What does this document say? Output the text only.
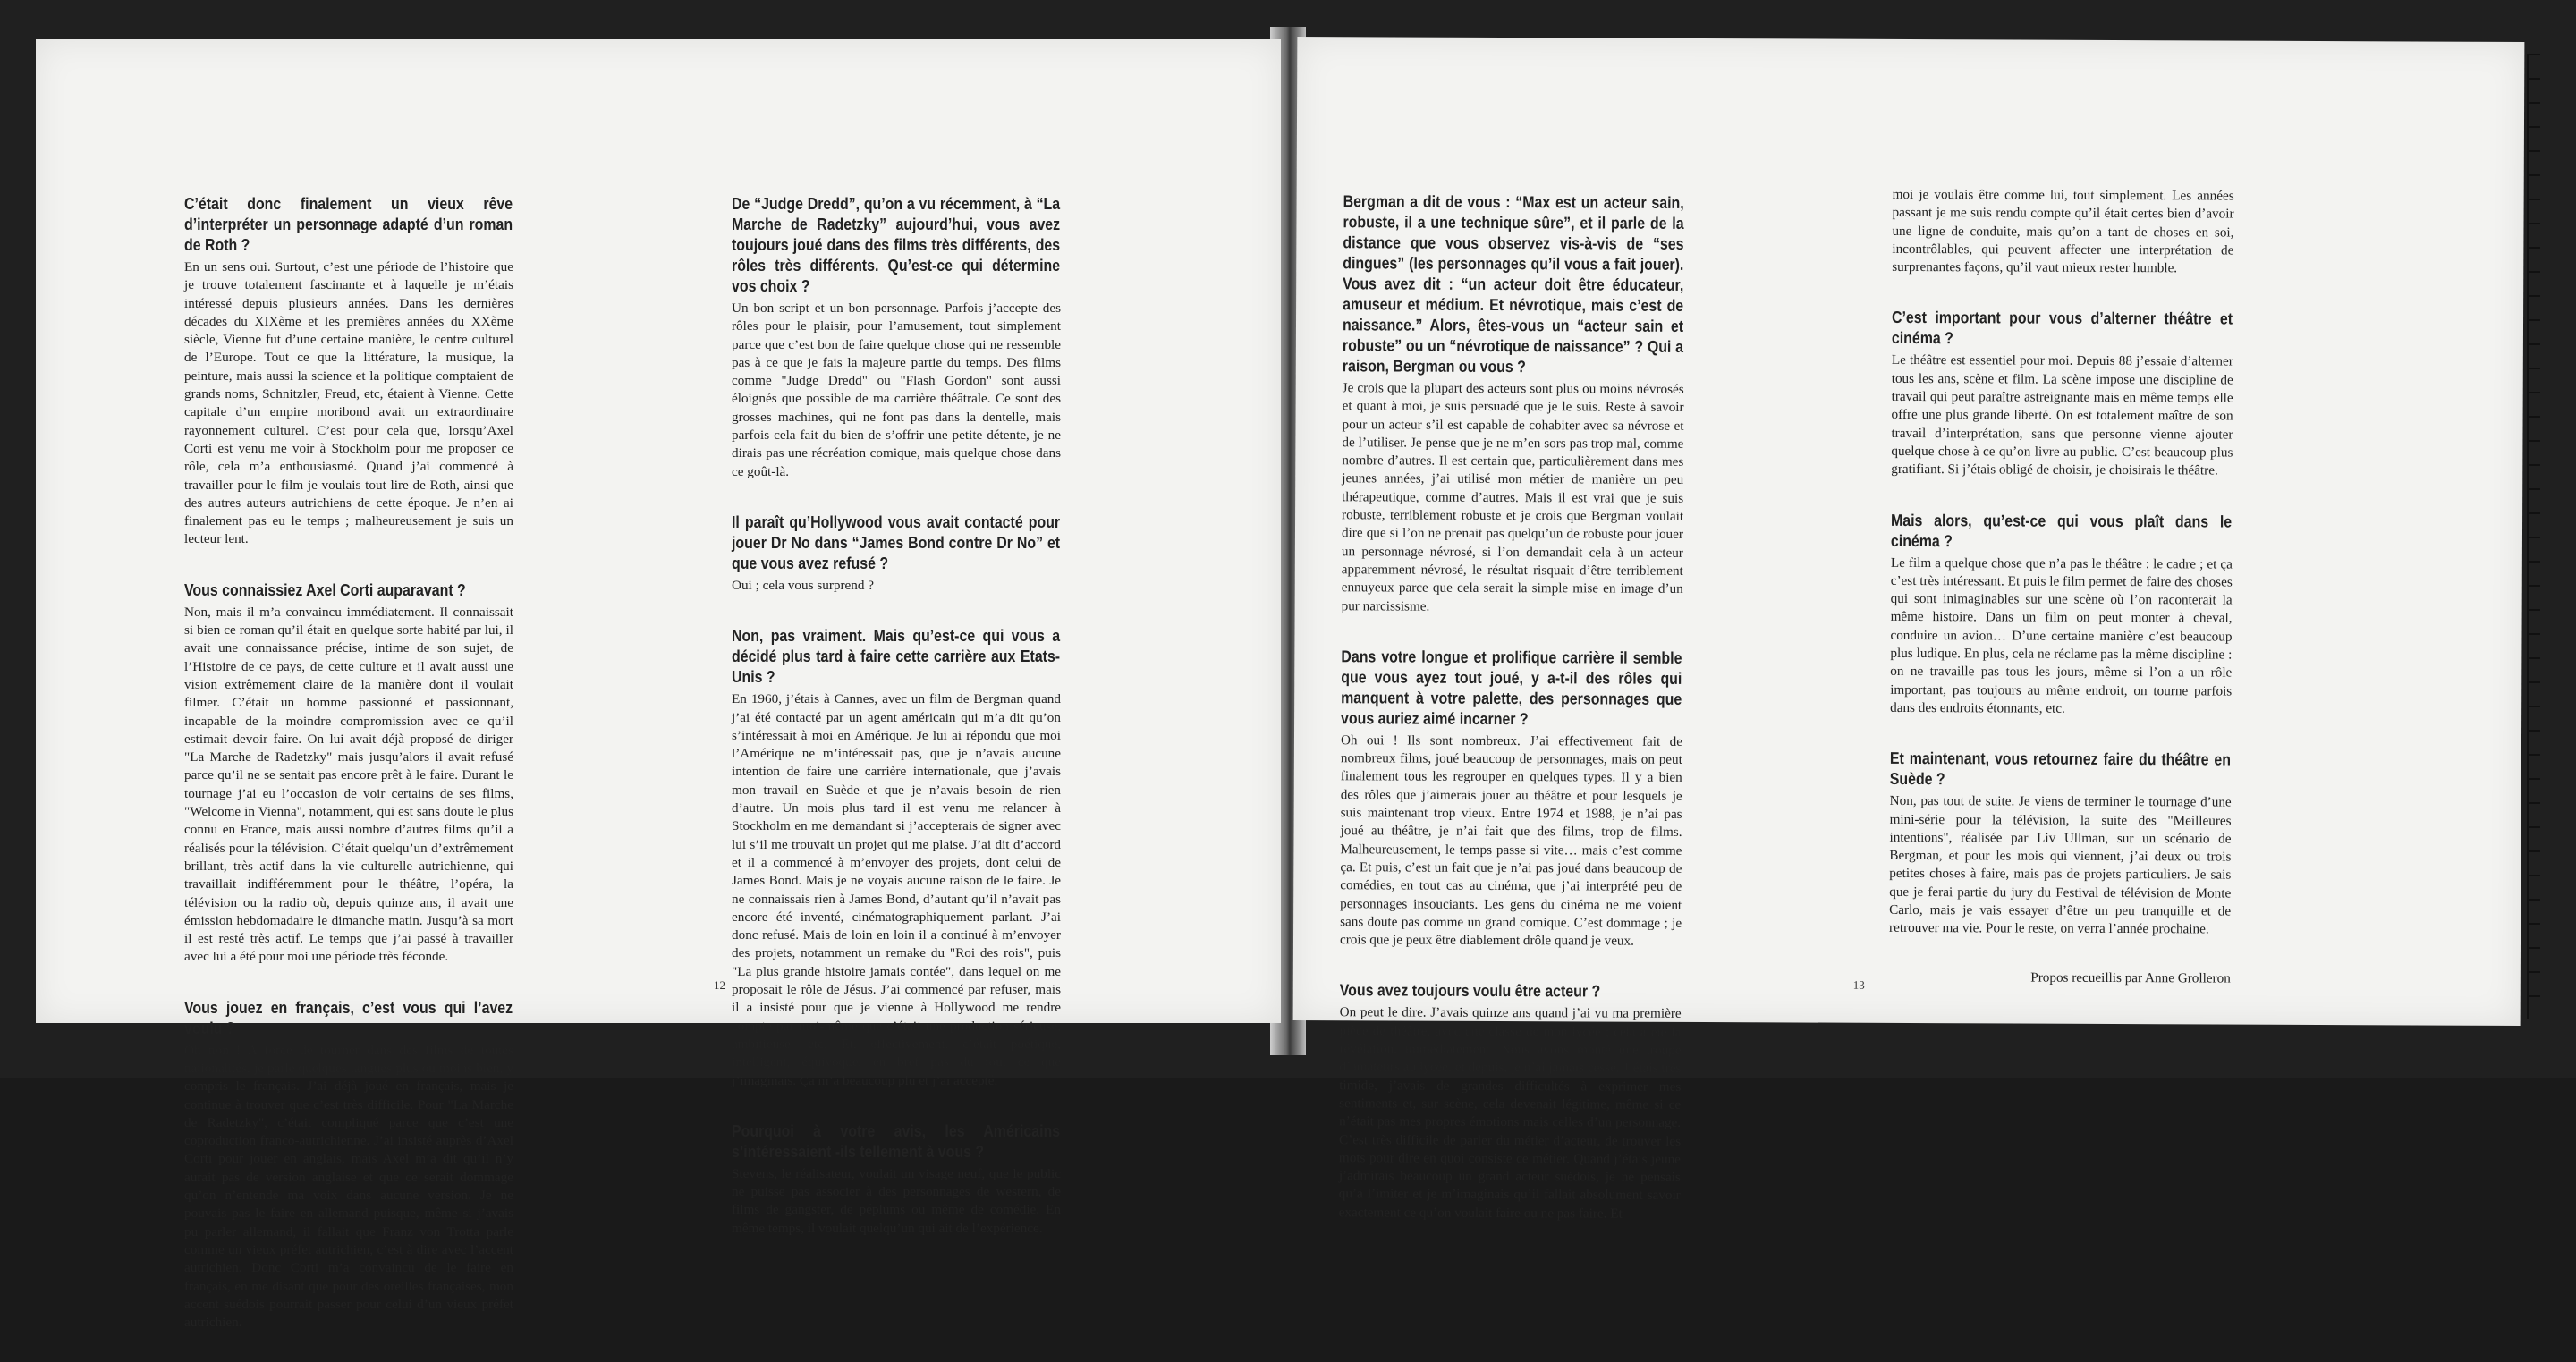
C’était donc finalement un vieux rêve d’interpréter un personnage adapté d’un roman de Roth ?

En un sens oui. Surtout, c’est une période de l’histoire que je trouve totalement fascinante et à laquelle je m’étais intéressé depuis plusieurs années. Dans les dernières décades du XIXème et les premières années du XXème siècle, Vienne fut d’une certaine manière, le centre culturel de l’Europe. Tout ce que la littérature, la musique, la peinture, mais aussi la science et la politique comptaient de grands noms, Schnitzler, Freud, etc, étaient à Vienne. Cette capitale d’un empire moribond avait un extraordinaire rayonnement culturel. C’est pour cela que, lorsqu’Axel Corti est venu me voir à Stockholm pour me proposer ce rôle, cela m’a enthousiasmé. Quand j’ai commencé à travailler pour le film je voulais tout lire de Roth, ainsi que des autres auteurs autrichiens de cette époque. Je n’en ai finalement pas eu le temps ; malheureusement je suis un lecteur lent.

Vous connaissiez Axel Corti auparavant ?

Non, mais il m’a convaincu immédiatement. Il connaissait si bien ce roman qu’il était en quelque sorte habité par lui, il avait une connaissance précise, intime de son sujet, de l’Histoire de ce pays, de cette culture et il avait aussi une vision extrêmement claire de la manière dont il voulait filmer. C’était un homme passionné et passionnant, incapable de la moindre compromission avec ce qu’il estimait devoir faire. On lui avait déjà proposé de diriger "La Marche de Radetzky" mais jusqu’alors il avait refusé parce qu’il ne se sentait pas encore prêt à le faire. Durant le tournage j’ai eu l’occasion de voir certains de ses films, "Welcome in Vienna", notamment, qui est sans doute le plus connu en France, mais aussi nombre d’autres films qu’il a réalisés pour la télévision. C’était quelqu’un d’extrêmement brillant, très actif dans la vie culturelle autrichienne, qui travaillait indifféremment pour le théâtre, l’opéra, la télévision ou la radio où, depuis quinze ans, il avait une émission hebdomadaire le dimanche matin. Jusqu’à sa mort il est resté très actif. Le temps que j’ai passé à travailler avec lui a été pour moi une période très féconde.

Vous jouez en français, c’est vous qui l’avez voulu ?

Oh non ! A force de tourner dans des films de toutes nationalités, je parle quelques langues plus ou moins bien, y compris le français. J’ai déjà joué en français, mais je continue à trouver que c’est très difficile. Pour "La Marche de Radetzky", c’était compliqué parce que c’est une coproduction franco-autrichienne. J’ai insisté auprès d’Axel Corti pour jouer en anglais, mais Axel m’a dit qu’il n’y aurait pas de version anglaise et que ce serait dommage qu’on n’entende ma voix dans aucune version. Je ne pouvais pas le faire en allemand puisque, même si j’avais pu parler allemand, il fallait que Franz von Trotta parle comme un vieux préfet autrichien, c’est à dire avec l’accent autrichien. Donc Corti m’a convaincu de le faire en français, en me disant que pour des oreilles françaises, mon accent suédois pourrait passer pour celui d’un vieux préfet autrichien.

De “Judge Dredd”, qu’on a vu récemment, à “La Marche de Radetzky” aujourd’hui, vous avez toujours joué dans des films très différents, des rôles très différents. Qu’est-ce qui détermine vos choix ?

Un bon script et un bon personnage. Parfois j’accepte des rôles pour le plaisir, pour l’amusement, tout simplement parce que c’est bon de faire quelque chose qui ne ressemble pas à ce que je fais la majeure partie du temps. Des films comme "Judge Dredd" ou "Flash Gordon" sont aussi éloignés que possible de ma carrière théâtrale. Ce sont des grosses machines, qui ne font pas dans la dentelle, mais parfois cela fait du bien de s’offrir une petite détente, je ne dirais pas une récréation comique, mais quelque chose dans ce goût-là.

Il paraît qu’Hollywood vous avait contacté pour jouer Dr No dans “James Bond contre Dr No” et que vous avez refusé ?

Oui ; cela vous surprend ?

Non, pas vraiment. Mais qu’est-ce qui vous a décidé plus tard à faire cette carrière aux Etats-Unis ?

En 1960, j’étais à Cannes, avec un film de Bergman quand j’ai été contacté par un agent américain qui m’a dit qu’on s’intéressait à moi en Amérique. Je lui ai répondu que moi l’Amérique ne m’intéressait pas, que je n’avais aucune intention de faire une carrière internationale, que j’avais mon travail en Suède et que je n’avais besoin de rien d’autre. Un mois plus tard il est venu me relancer à Stockholm en me demandant si j’accepterais de signer avec lui s’il me trouvait un projet qui me plaise. J’ai dit d’accord et il a commencé à m’envoyer des projets, dont celui de James Bond. Mais je ne voyais aucune raison de le faire. Je ne connaissais rien à James Bond, d’autant qu’il n’avait pas encore été inventé, cinématographiquement parlant. J’ai donc refusé. Mais de loin en loin il a continué à m’envoyer des projets, notamment un remake du "Roi des rois", puis "La plus grande histoire jamais contée", dans lequel on me proposait le rôle de Jésus. J’ai commencé par refuser, mais il a insisté pour que je vienne à Hollywood me rendre compte par moi-même que c’était une production sérieuse, ambitieuse, etc. Et, effectivement, c’était poétique, intelligent, équivoque, en bref pas du tout ce que j’imaginais. Ça m’a beaucoup plu et j’ai accepté.

Pourquoi à votre avis, les Américains s’intéressaient -ils tellement à vous ?

Stevens, le réalisateur, voulait un visage neuf, que le public ne puisse pas associer à des personnages de western, de films de gangster, de péplums ou même de comédie. En même temps, il voulait quelqu’un qui ait de l’expérience.

12
Bergman a dit de vous : “Max est un acteur sain, robuste, il a une technique sûre”, et il parle de la distance que vous observez vis-à-vis de “ses dingues” (les personnages qu’il vous a fait jouer). Vous avez dit : “un acteur doit être éducateur, amuseur et médium. Et névrotique, mais c’est de naissance.” Alors, êtes-vous un “acteur sain et robuste” ou un “névrotique de naissance” ? Qui a raison, Bergman ou vous ?

Je crois que la plupart des acteurs sont plus ou moins névrosés et quant à moi, je suis persuadé que je le suis. Reste à savoir pour un acteur s’il est capable de cohabiter avec sa névrose et de l’utiliser. Je pense que je ne m’en sors pas trop mal, comme nombre d’autres. Il est certain que, particulièrement dans mes jeunes années, j’ai utilisé mon métier de manière un peu thérapeutique, comme d’autres. Mais il est vrai que je suis robuste, terriblement robuste et je crois que Bergman voulait dire que si l’on ne prenait pas quelqu’un de robuste pour jouer un personnage névrosé, si l’on demandait cela à un acteur apparemment névrosé, le résultat risquait d’être terriblement ennuyeux parce que cela serait la simple mise en image d’un pur narcissisme.

Dans votre longue et prolifique carrière il semble que vous ayez tout joué, y a-t-il des rôles qui manquent à votre palette, des personnages que vous auriez aimé incarner ?

Oh oui ! Ils sont nombreux. J’ai effectivement fait de nombreux films, joué beaucoup de personnages, mais on peut finalement tous les regrouper en quelques types. Il y a bien des rôles que j’aimerais jouer au théâtre et pour lesquels je suis maintenant trop vieux. Entre 1974 et 1988, je n’ai pas joué au théâtre, je n’ai fait que des films, trop de films. Malheureusement, le temps passe si vite… mais c’est comme ça. Et puis, c’est un fait que je n’ai pas joué dans beaucoup de comédies, en tout cas au cinéma, que j’ai interprété peu de personnages insouciants. Les gens du cinéma ne me voient sans doute pas comme un grand comique. C’est dommage ; je crois que je peux être diablement drôle quand je veux.

Vous avez toujours voulu être acteur ?

On peut le dire. J’avais quinze ans quand j’ai vu ma première pièce de théâtre, avec une classe de mon lycée ; cela a été la révélation, immédiatement. Nous avons monté une troupe d’amateurs au lycée, et depuis, je n’ai jamais cessé. J’étais très timide, j’avais de grandes difficultés à exprimer mes sentiments et, sur scène, cela devenait légitime, même si ce n’était pas mes propres émotions mais celles d’un personnage. C’est très difficile de parler du métier d’acteur, de trouver les mots pour dire en quoi consiste ce métier. Quand j’étais jeune j’admirais beaucoup un grand acteur suédois, je ne pensais qu’à l’imiter et je m’imaginais qu’il fallait absolument savoir exactement ce qu’on voulait faire ou ne pas faire. Et

moi je voulais être comme lui, tout simplement. Les années passant je me suis rendu compte qu’il était certes bien d’avoir une ligne de conduite, mais qu’on a tant de choses en soi, incontrôlables, qui peuvent affecter une interprétation de surprenantes façons, qu’il vaut mieux rester humble.

C’est important pour vous d’alterner théâtre et cinéma ?

Le théâtre est essentiel pour moi. Depuis 88 j’essaie d’alterner tous les ans, scène et film. La scène impose une discipline de travail qui peut paraître astreignante mais en même temps elle offre une plus grande liberté. On est totalement maître de son travail d’interprétation, sans que personne vienne ajouter quelque chose à ce qu’on livre au public. C’est beaucoup plus gratifiant. Si j’étais obligé de choisir, je choisirais le théâtre.

Mais alors, qu’est-ce qui vous plaît dans le cinéma ?

Le film a quelque chose que n’a pas le théâtre : le cadre ; et ça c’est très intéressant. Et puis le film permet de faire des choses qui sont inimaginables sur une scène où l’on raconterait la même histoire. Dans un film on peut monter à cheval, conduire un avion… D’une certaine manière c’est beaucoup plus ludique. En plus, cela ne réclame pas la même discipline : on ne travaille pas tous les jours, même si l’on a un rôle important, pas toujours au même endroit, on tourne parfois dans des endroits étonnants, etc.

Et maintenant, vous retournez faire du théâtre en Suède ?

Non, pas tout de suite. Je viens de terminer le tournage d’une mini-série pour la télévision, la suite des "Meilleures intentions", réalisée par Liv Ullman, sur un scénario de Bergman, et pour les mois qui viennent, j’ai deux ou trois petites choses à faire, mais pas de projets particuliers. Je sais que je ferai partie du jury du Festival de télévision de Monte Carlo, mais je vais essayer d’être un peu tranquille et de retrouver ma vie. Pour le reste, on verra l’année prochaine.

Propos recueillis par Anne Grolleron

13
